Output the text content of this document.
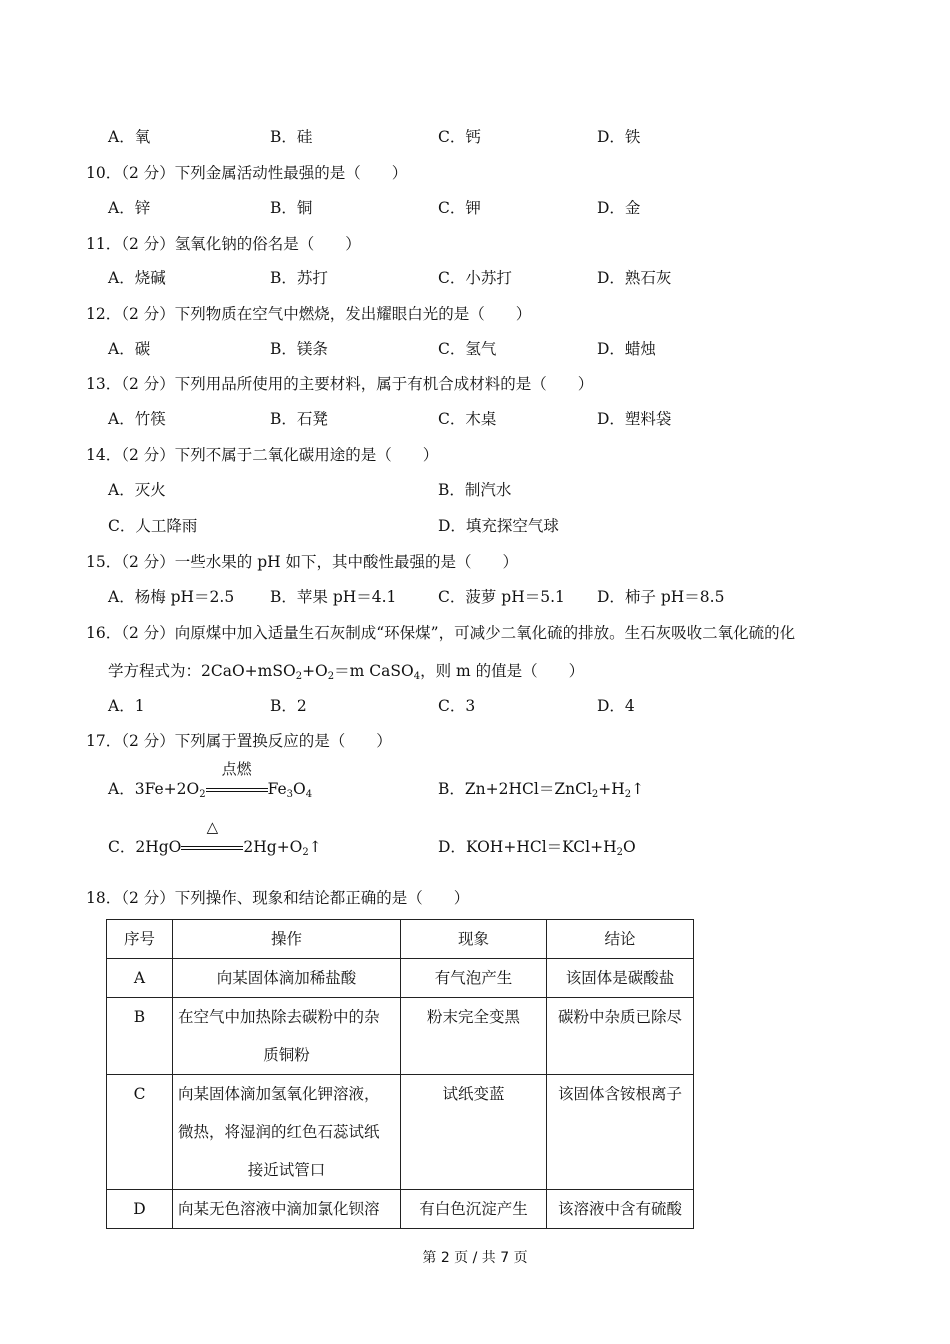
A．氧	B．硅	C．钙	D．铁
10．（2 分）下列金属活动性最强的是（　　）
A．锌	B．铜	C．钾	D．金
11．（2 分）氢氧化钠的俗名是（　　）
A．烧碱	B．苏打	C．小苏打	D．熟石灰
12．（2 分）下列物质在空气中燃烧，发出耀眼白光的是（　　）
A．碳	B．镁条	C．氢气	D．蜡烛
13．（2 分）下列用品所使用的主要材料，属于有机合成材料的是（　　）
A．竹筷	B．石凳	C．木桌	D．塑料袋
14．（2 分）下列不属于二氧化碳用途的是（　　）
A．灭火	B．制汽水
C．人工降雨	D．填充探空气球
15．（2 分）一些水果的 pH 如下，其中酸性最强的是（　　）
A．杨梅 pH＝2.5 B．苹果 pH＝4.1	C．菠萝 pH＝5.1 D．柿子 pH＝8.5
16．（2 分）向原煤中加入适量生石灰制成“环保煤”，可减少二氧化硫的排放。生石灰吸收二氧化硫的化
学方程式为：$2CaO+mSO_2+O_2=m$ CaSO$_4$，则 m 的值是（　　）
A．1	B．2	C．3	D．4
17．（2 分）下列属于置换反应的是（　　）
A．$3Fe+2O_2$
点燃
$Fe_3O_4$	B．$Zn+2HCl=ZnCl_2+H_2↑$
C．2HgO
△
$2Hg+O_2↑$	D．$KOH+HCl=KCl+H_2O$
18．（2 分）下列操作、现象和结论都正确的是（　　）
序号	操作	现象	结论
A	向某固体滴加稀盐酸	有气泡产生	该固体是碳酸盐
B	在空气中加热除去碳粉中的杂
质铜粉	粉末完全变黑	碳粉中杂质已除尽
C	向某固体滴加氢氧化钾溶液，
微热，将湿润的红色石蕊试纸
接近试管口	试纸变蓝	该固体含铵根离子
D	向某无色溶液中滴加氯化钡溶	有白色沉淀产生	该溶液中含有硫酸
第 2 页 / 共 7 页
